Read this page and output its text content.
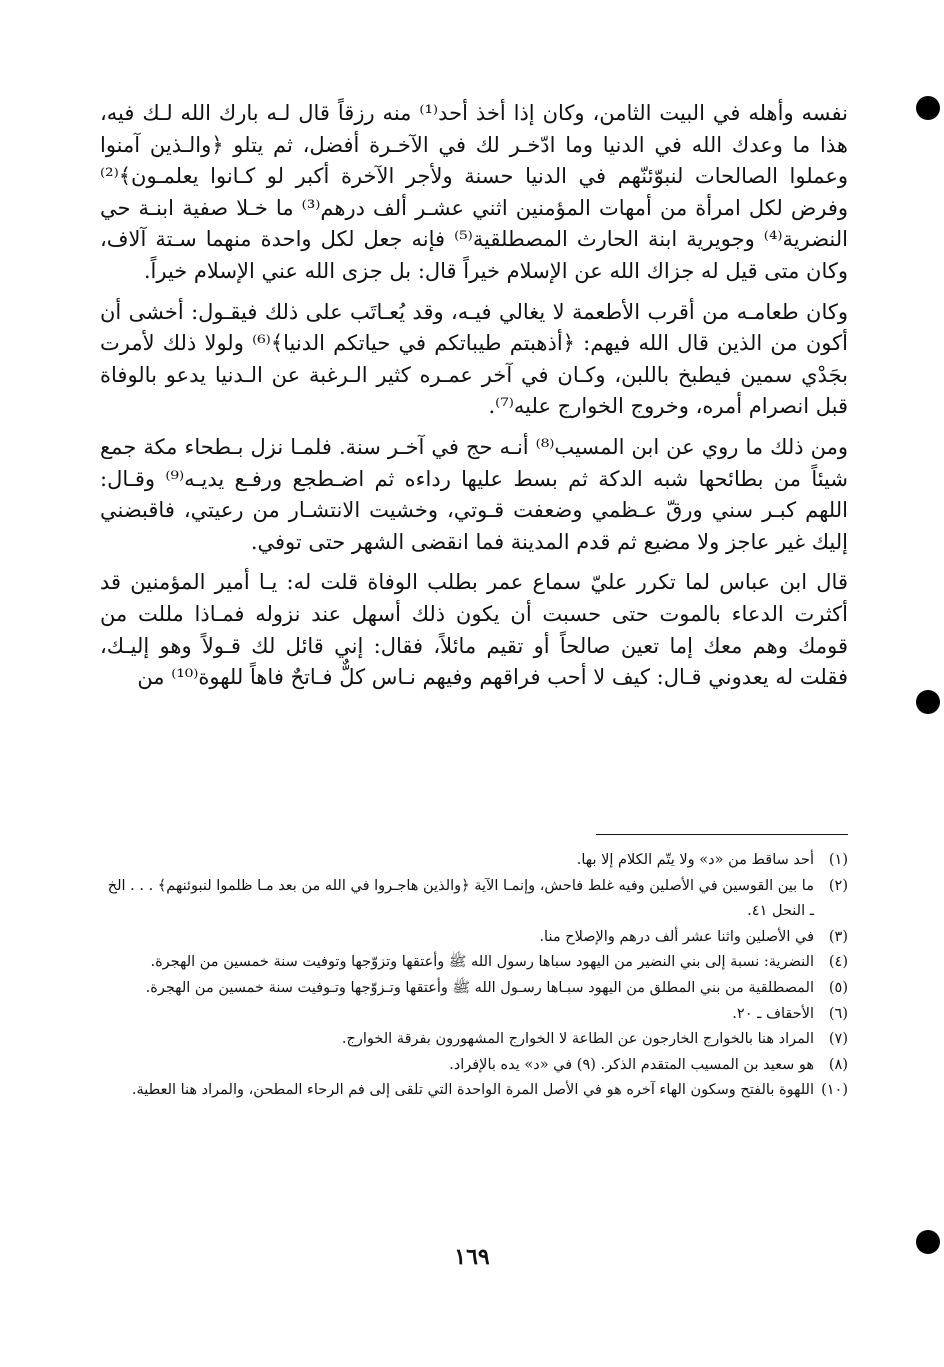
نفسه وأهله في البيت الثامن، وكان إذا أخذ أحد⁽¹⁾ منه رزقاً قال لـه بارك الله لـك فيه، هذا ما وعدك الله في الدنيا وما ادّخـر لك في الآخـرة أفضل، ثم يتلو ﴿والـذين آمنوا وعملوا الصالحات لنبوّئنّهم في الدنيا حسنة ولأجر الآخرة أكبر لو كـانوا يعلمـون﴾⁽²⁾ وفرض لكل امرأة من أمهات المؤمنين اثني عشـر ألف درهم⁽³⁾ ما خـلا صفية ابنـة حي النضرية⁽⁴⁾ وجويرية ابنة الحارث المصطلقية⁽⁵⁾ فإنه جعل لكل واحدة منهما سـتة آلاف، وكان متى قيل له جزاك الله عن الإسلام خيراً قال: بل جزى الله عني الإسلام خيراً.

وكان طعامـه من أقرب الأطعمة لا يغالي فيـه، وقد يُعـاتَب على ذلك فيقـول: أخشى أن أكون من الذين قال الله فيهم: ﴿أذهبتم طيباتكم في حياتكم الدنيا﴾⁽⁶⁾ ولولا ذلك لأمرت بجَدْي سمين فيطبخ باللبن، وكـان في آخر عمـره كثير الـرغبة عن الـدنيا يدعو بالوفاة قبل انصرام أمره، وخروج الخوارج عليه⁽⁷⁾.

ومن ذلك ما روي عن ابن المسيب⁽⁸⁾ أنـه حج في آخـر سنة. فلمـا نزل بـطحاء مكة جمع شيئاً من بطائحها شبه الدكة ثم بسط عليها رداءه ثم اضـطجع ورفـع يديـه⁽⁹⁾ وقـال: اللهم كبـر سني ورقّ عـظمي وضعفت قـوتي، وخشيت الانتشـار من رعيتي، فاقبضني إليك غير عاجز ولا مضيع ثم قدم المدينة فما انقضى الشهر حتى توفي.

قال ابن عباس لما تكرر عليّ سماع عمر بطلب الوفاة قلت له: يـا أمير المؤمنين قد أكثرت الدعاء بالموت حتى حسبت أن يكون ذلك أسهل عند نزوله فمـاذا مللت من قومك وهم معك إما تعين صالحاً أو تقيم مائلاً، فقال: إني قائل لك قـولاً وهو إليـك، فقلت له يعدوني قـال: كيف لا أحب فراقهم وفيهم نـاس كلٌّ فـاتحٌ فاهاً للهوة⁽¹⁰⁾ من

(١)
أحد ساقط من «د» ولا يتّم الكلام إلا بها.
(٢)
ما بين القوسين في الأصلين وفيه غلط فاحش، وإنمـا الآية ﴿والذين هاجـروا في الله من بعد مـا ظلموا لنبوئنهم﴾ . . . الخ ـ النحل ٤١.
(٣)
في الأصلين واثنا عشر ألف درهم والإصلاح منا.
(٤)
النضرية: نسبة إلى بني النضير من اليهود سباها رسول الله ﷺ وأعتقها وتزوّجها وتوفيت سنة خمسين من الهجرة.
(٥)
المصطلقية من بني المطلق من اليهود سبـاها رسـول الله ﷺ وأعتقها وتـزوّجها وتـوفيت سنة خمسين من الهجرة.
(٦)
الأحقاف ـ ٢٠.
(٧)
المراد هنا بالخوارج الخارجون عن الطاعة لا الخوارج المشهورون بفرقة الخوارج.
(٨)
هو سعيد بن المسيب المتقدم الذكر. (٩) في «د» يده بالإفراد.
(١٠)
اللهوة بالفتح وسكون الهاء آخره هو في الأصل المرة الواحدة التي تلقى إلى فم الرحاء المطحن، والمراد هنا العطية.
١٦٩
